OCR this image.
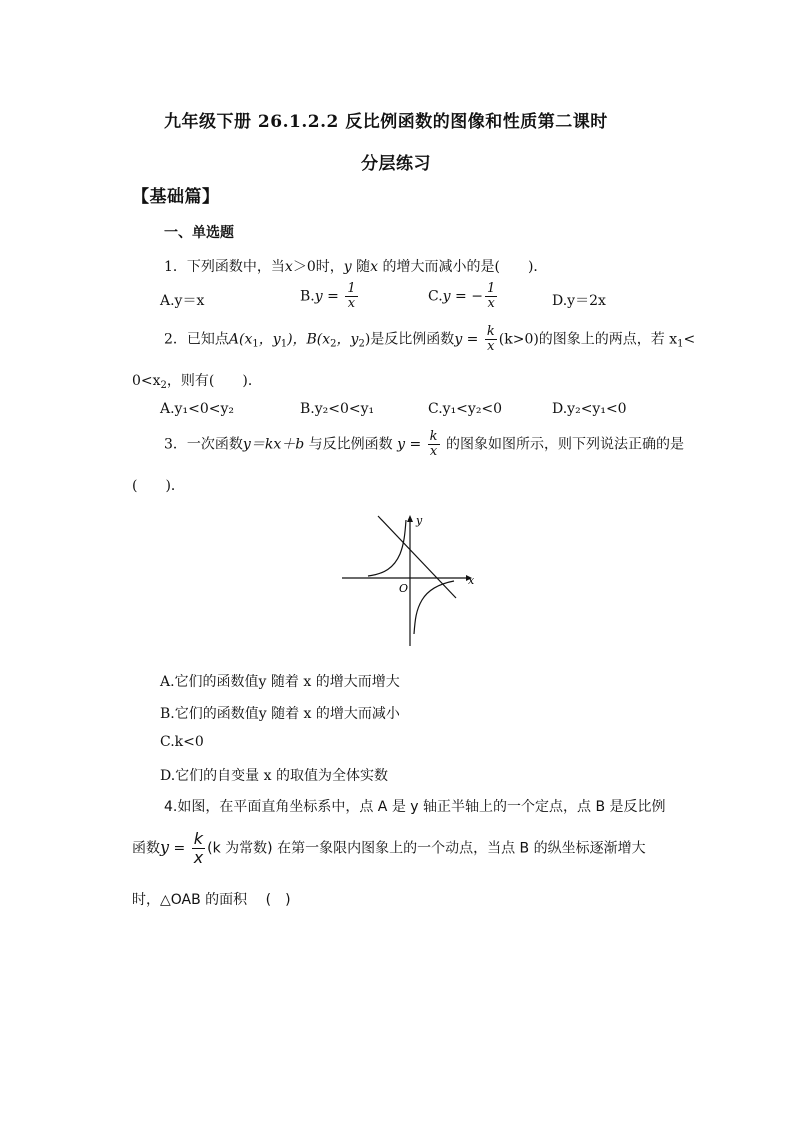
九年级下册 26.1.2.2 反比例函数的图像和性质第二课时
分层练习
【基础篇】
一、单选题
1．下列函数中，当x＞0时，y 随x 的增大而减小的是(　　)．
A.y＝x	$B.y = \frac{1}{x}$	C.y = − $\frac{1}{x}$	D.y＝2x
2．已知点$A(x_1$，$y_1$)，$B(x_2$，$y_2$)是反比例函数$y = \frac{k}{x} (k>0)$的图象上的两点，若 $x_1<$
$0<x_2$，则有(　　)．
A.y₁<0<y₂	B.y₂<0<y₁	C.y₁<y₂<0	D.y₂<y₁<0
3．一次函数y＝kx＋b 与反比例函数 $y = \frac{k}{x}$ 的图象如图所示，则下列说法正确的是
(　　)．
x
y
O
A.它们的函数值y 随着 x 的增大而增大
B.它们的函数值y 随着 x 的增大而减小
C.k<0
D.它们的自变量 x 的取值为全体实数
4.如图，在平面直角坐标系中，点 A 是 y 轴正半轴上的一个定点，点 B 是反比例
函数$y = \frac{k}{x} (k$ 为常数) 在第一象限内图象上的一个动点，当点 B 的纵坐标逐渐增大
时，△OAB 的面积　 (　)
